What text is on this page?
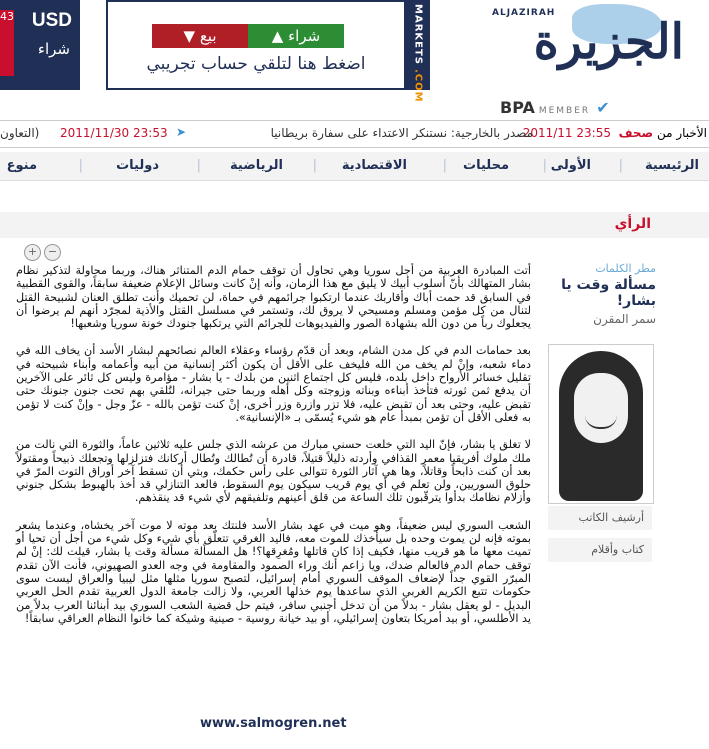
43 USD
شراء
▼ بيع	▲ شراء
اضغط هنا لتلقي حساب تجريبي	MARKETS
.COM
ALJAZIRAH
الجزيرة
BPA MEMBER ✔
الأخبار من صحف
23:55 2011/11
مصدر بالخارجية: نستنكر الاعتداء على سفارة بريطانيا
➤
23:53 2011/11/30
(التعاون
الرئيسية
|
الأولى
|
محليات
|
الاقتصادية
|
الرياضية
|
دوليات
|
منوع
الرأي
+ −

أتت المبادرة العربية من أجل سوريا وهي تحاول أن توقف حمام الدم المتناثر هناك، وربما محاولة لتذكير نظام بشار المتهالك بأنّ أسلوب أبيك لا يليق مع هذا الزمان، وأنه إنْ كانت وسائل الإعلام ضعيفة سابقاً، والقوى القطبية في السابق قد حمت أباك وأقاربك عندما ارتكبوا جرائمهم في حماة، لن تحميك وأنت تطلق العنان لشبيحة القتل لتنال من كل مؤمن ومسلم ومسيحي لا يروق لك، وتستمر في مسلسل القتل والأذية لمجرّد أنهم لم يرضوا أن يجعلوك رباً من دون الله بشهادة الصور والفيديوهات للجرائم التي يرتكبها جنودك خونة سوريا وشعبها!

بعد حمامات الدم في كل مدن الشام، وبعد أن قدّم رؤساء وعقلاء العالم نصائحهم لبشار الأسد أن يخاف الله في دماء شعبه، وإنْ لم يخف من الله فليخف على الأقل أن يكون أكثر إنسانية من أبيه وأعمامه وأبناء شبيحته في تقليل خسائر الأرواح داخل بلده، فليس كل اجتماع اثنين من بلدك - يا بشار - مؤامرة وليس كل ثائر على الآخرين أن يدفع ثمن ثورته فتأخذ أبناءه وبناته وزوجته وكل أهله وربما حتى جيرانه، لتُلقي بهم تحت جنون جنونك حتى تقبض عليه، وحتى بعد أن تقبض عليه، فلا تزر وازرة وزر أخرى، إنْ كنت تؤمن بالله - عزّ وجل - وإنْ كنت لا تؤمن به فعلى الأقل أن تؤمن بمبدأ عام هو شيء يُسمّى بـ «الإنسانية».

لا تغلق يا بشار، فإنّ اليد التي خلعت حسني مبارك من عرشه الذي جلس عليه ثلاثين عاماً، والثورة التي نالت من ملك ملوك أفريقيا معمر القذافي وأردته ذليلاً قتيلاً، قادرة أن تُطالك وتُطال أركانك فتزلزلها وتجعلك ذبيحاً ومقتولاً بعد أن كنت ذابحاً وقاتلاً، وها هي آثار الثورة تتوالى على رأس حكمك، وبتي أن تسقط آخر أوراق التوت المرّ في حلوق السوريين، ولن تعلم في أي يوم قريب سيكون يوم السقوط، فالعد التنازلي قد أخذ بالهبوط بشكل جنوني وأزلام نظامك بدأوا يترقّبون تلك الساعة من قلق أعينهم وتلفيقهم لأي شيء قد ينقذهم.

الشعب السوري ليس ضعيفاً، وهو ميت في عهد بشار الأسد فلنتك بعد موته لا موت آخر يخشاه، وعندما يشعر بموته فإنه لن يموت وحده بل سيأخذك للموت معه، فاليد الغرقي تتعلّق بأي شيء وكل شيء من أجل أن تحيا أو تميت معها ما هو قريب منها، فكيف إذا كان قاتلها ومُغرِقها؟! هل المسألة مسألة وقت يا بشار، قيلت لك: إنْ لم توقف حمام الدم فالعالم ضدك، ويا زاعم أنك وراء الصمود والمقاومة في وجه العدو الصهيوني، فأنت الآن تقدم المبرّر القوي جداً لإضعاف الموقف السوري أمام إسرائيل، لتصبح سوريا مثلها مثل ليبيا والعراق ليست سوى حكومات تتبع الكريم الغربي الذي ساعدها يوم خذلها العربي، ولا زالت جامعة الدول العربية تقدم الحل العربي البديل - لو يعقل بشار - بدلاً من أن تدخل أجنبي سافر، فيتم حل قضية الشعب السوري بيد أبنائنا العرب بدلاً من يد الأطلسي، أو بيد أمريكا بتعاون إسرائيلي، أو بيد خيانة روسية - صينية وشيكة كما خانوا النظام العراقي سابقاً!

www.salmogren.net
مطر الكلمات
مسألة وقت يا بشار!
سمر المقرن
أرشيف الكاتب
كتاب وأقلام
